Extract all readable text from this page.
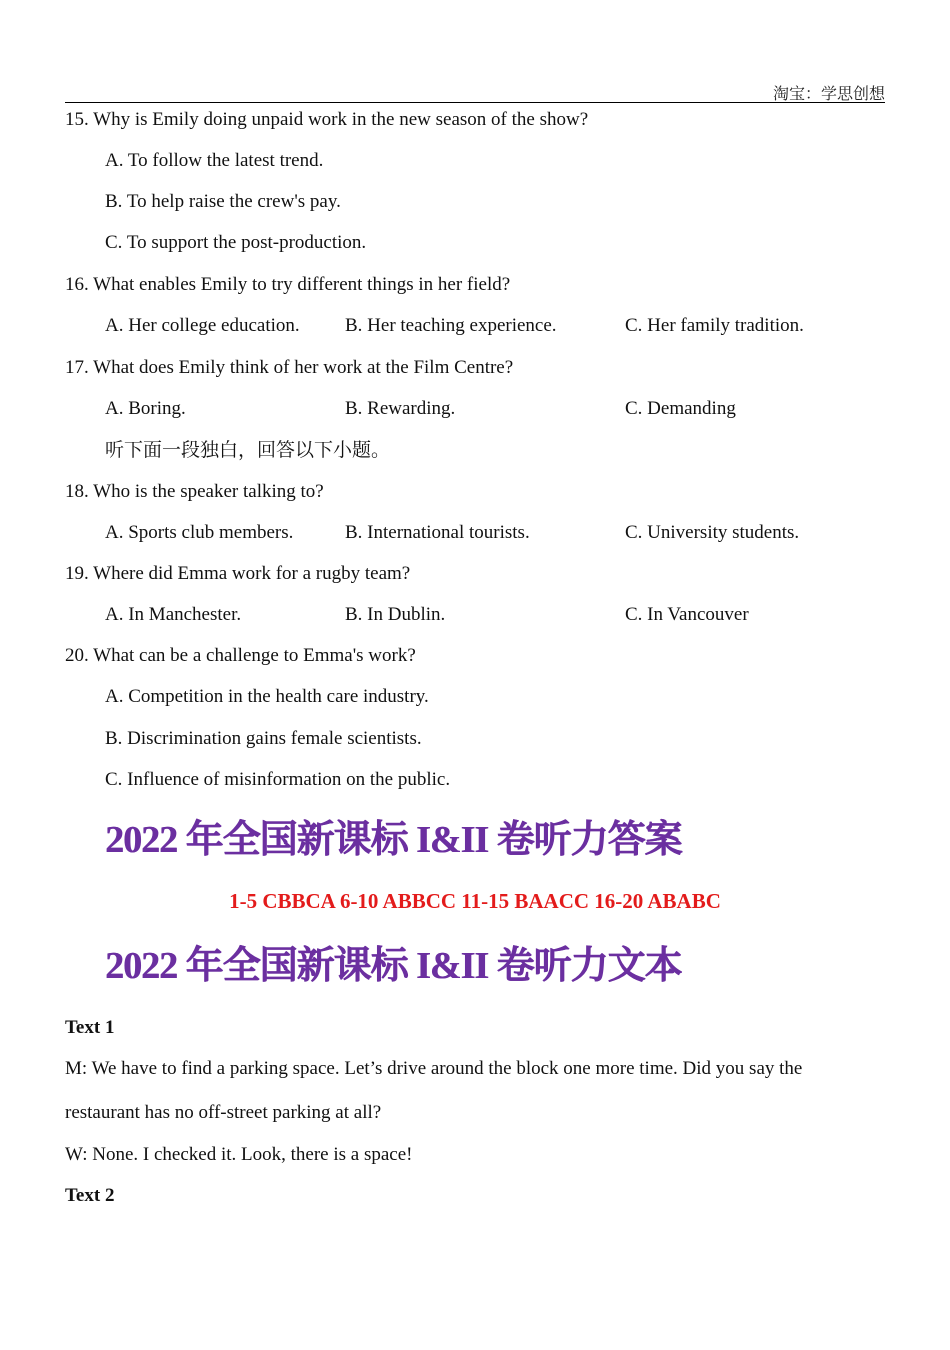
淘宝：学思创想
15. Why is Emily doing unpaid work in the new season of the show?
A. To follow the latest trend.
B. To help raise the crew's pay.
C. To support the post-production.
16. What enables Emily to try different things in her field?
A. Her college education. B. Her teaching experience.	C. Her family tradition.
17. What does Emily think of her work at the Film Centre?
A. Boring.	B. Rewarding.	C. Demanding
听下面一段独白，回答以下小题。
18. Who is the speaker talking to?
A. Sports club members.	B. International tourists.	C. University students.
19. Where did Emma work for a rugby team?
A. In Manchester.	B. In Dublin.	C. In Vancouver
20. What can be a challenge to Emma's work?
A. Competition in the health care industry.
B. Discrimination gains female scientists.
C. Influence of misinformation on the public.
2022 年全国新课标 I&II 卷听力答案
1-5 CBBCA 6-10 ABBCC 11-15 BAACC 16-20 ABABC
2022 年全国新课标 I&II 卷听力文本
Text 1
M: We have to find a parking space. Let’s drive around the block one more time. Did you say the
restaurant has no off-street parking at all?
W: None. I checked it. Look, there is a space!
Text 2
